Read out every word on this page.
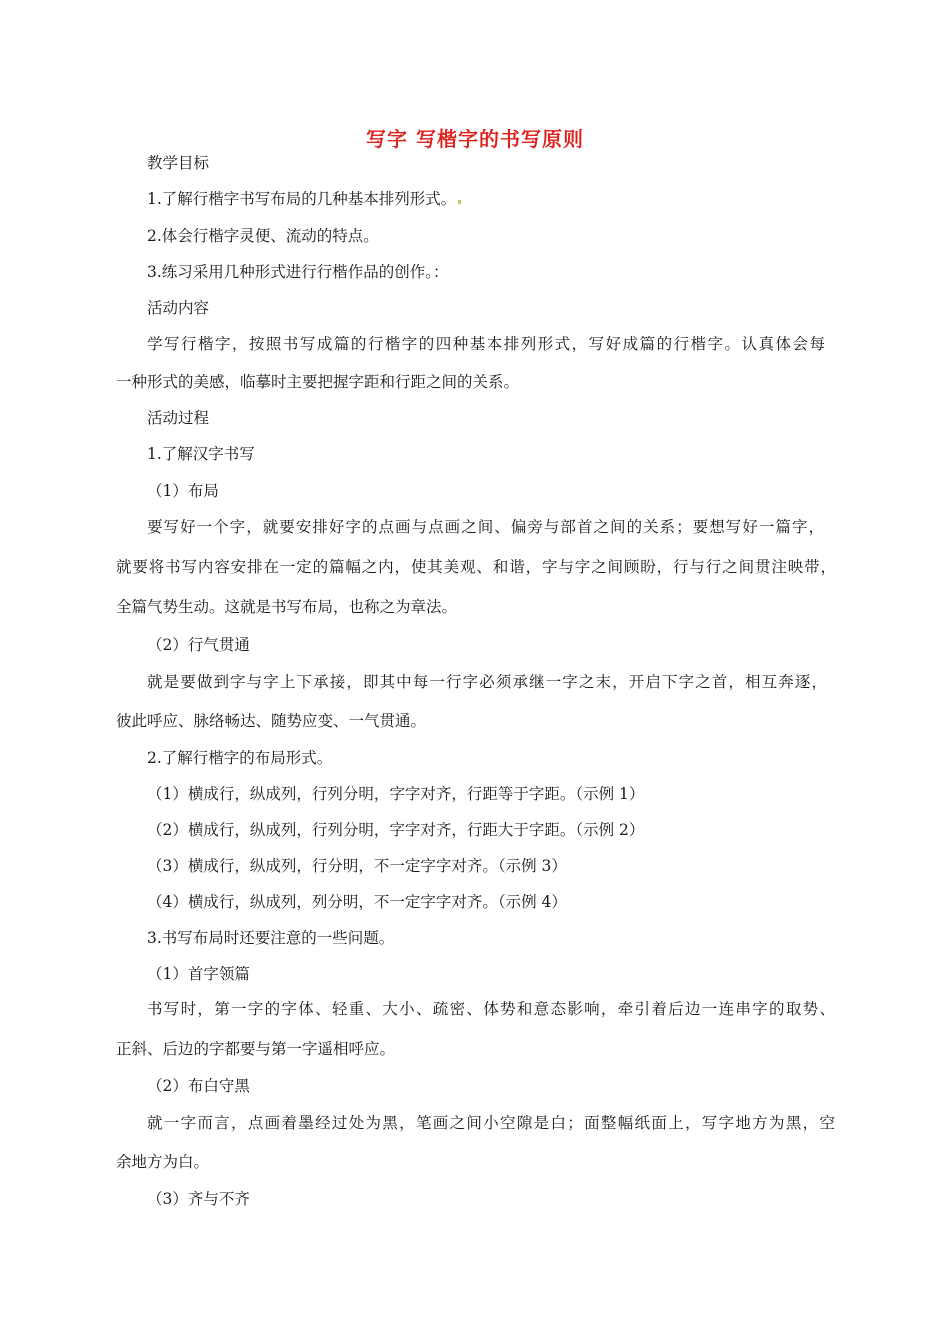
写字 写楷字的书写原则
教学目标
1.了解行楷字书写布局的几种基本排列形式。
2.体会行楷字灵便、流动的特点。
3.练习采用几种形式进行行楷作品的创作。：
活动内容
学写行楷字，按照书写成篇的行楷字的四种基本排列形式，写好成篇的行楷字。认真体会每
一种形式的美感，临摹时主要把握字距和行距之间的关系。
活动过程
1.了解汉字书写
（1）布局
要写好一个字，就要安排好字的点画与点画之间、偏旁与部首之间的关系；要想写好一篇字，
就要将书写内容安排在一定的篇幅之内，使其美观、和谐，字与字之间顾盼，行与行之间贯注映带，
全篇气势生动。这就是书写布局，也称之为章法。
（2）行气贯通
就是要做到字与字上下承接，即其中每一行字必须承继一字之末，开启下字之首，相互奔逐，
彼此呼应、脉络畅达、随势应变、一气贯通。
2.了解行楷字的布局形式。
（1）横成行，纵成列，行列分明，字字对齐，行距等于字距。（示例 1）
（2）横成行，纵成列，行列分明，字字对齐，行距大于字距。（示例 2）
（3）横成行，纵成列，行分明，不一定字字对齐。（示例 3）
（4）横成行，纵成列，列分明，不一定字字对齐。（示例 4）
3.书写布局时还要注意的一些问题。
（1）首字领篇
书写时，第一字的字体、轻重、大小、疏密、体势和意态影响，牵引着后边一连串字的取势、
正斜、后边的字都要与第一字遥相呼应。
（2）布白守黑
就一字而言，点画着墨经过处为黑，笔画之间小空隙是白；面整幅纸面上，写字地方为黑，空
余地方为白。
（3）齐与不齐
